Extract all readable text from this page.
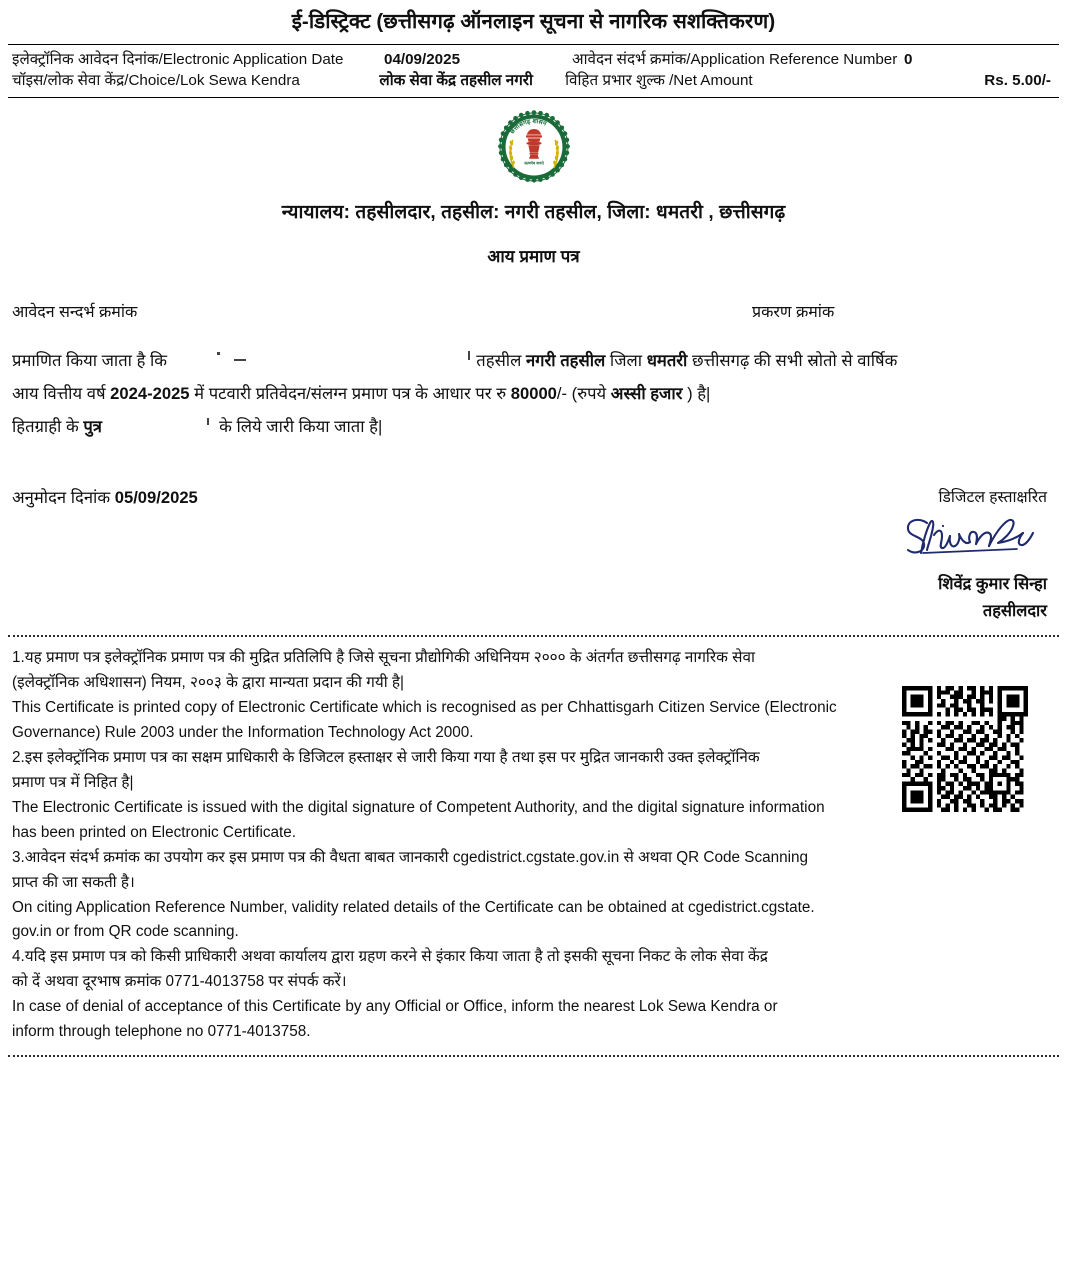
ई-डिस्ट्रिक्ट (छत्तीसगढ़ ऑनलाइन सूचना से नागरिक सशक्तिकरण)
इलेक्ट्रॉनिक आवेदन दिनांक/Electronic Application Date	04/09/2025	आवेदन संदर्भ क्रमांक/Application Reference Number 0
चॉइस/लोक सेवा केंद्र/Choice/Lok Sewa Kendra	लोक सेवा केंद्र तहसील नगरी	विहित प्रभार शुल्क /Net Amount	Rs. 5.00/-
छत्तीसगढ़ शासन
सत्यमेव जयते
न्यायालय: तहसीलदार, तहसील: नगरी तहसील, जिला: धमतरी , छत्तीसगढ़
आय प्रमाण पत्र
आवेदन सन्दर्भ क्रमांक	प्रकरण क्रमांक
प्रमाणित किया जाता है कि	तहसील नगरी तहसील जिला धमतरी छत्तीसगढ़ की सभी स्रोतो से वार्षिक
आय वित्तीय वर्ष 2024-2025 में पटवारी प्रतिवेदन/संलग्न प्रमाण पत्र के आधार पर रु 80000/- (रुपये अस्सी हजार ) है|
हितग्राही के पुत्र	के लिये जारी किया जाता है|
अनुमोदन दिनांक 05/09/2025	डिजिटल हस्ताक्षरित
शिवेंद्र कुमार सिन्हा
तहसीलदार
1.यह प्रमाण पत्र इलेक्ट्रॉनिक प्रमाण पत्र की मुद्रित प्रतिलिपि है जिसे सूचना प्रौद्योगिकी अधिनियम २००० के अंतर्गत छत्तीसगढ़ नागरिक सेवा
(इलेक्ट्रॉनिक अधिशासन) नियम, २००३ के द्वारा मान्यता प्रदान की गयी है|
This Certificate is printed copy of Electronic Certificate which is recognised as per Chhattisgarh Citizen Service (Electronic
Governance) Rule 2003 under the Information Technology Act 2000.
2.इस इलेक्ट्रॉनिक प्रमाण पत्र का सक्षम प्राधिकारी के डिजिटल हस्ताक्षर से जारी किया गया है तथा इस पर मुद्रित जानकारी उक्त इलेक्ट्रॉनिक
प्रमाण पत्र में निहित है|
The Electronic Certificate is issued with the digital signature of Competent Authority, and the digital signature information
has been printed on Electronic Certificate.
3.आवेदन संदर्भ क्रमांक का उपयोग कर इस प्रमाण पत्र की वैधता बाबत जानकारी cgedistrict.cgstate.gov.in से अथवा QR Code Scanning
प्राप्त की जा सकती है।
On citing Application Reference Number, validity related details of the Certificate can be obtained at cgedistrict.cgstate.
gov.in or from QR code scanning.
4.यदि इस प्रमाण पत्र को किसी प्राधिकारी अथवा कार्यालय द्वारा ग्रहण करने से इंकार किया जाता है तो इसकी सूचना निकट के लोक सेवा केंद्र
को दें अथवा दूरभाष क्रमांक 0771-4013758 पर संपर्क करें।
In case of denial of acceptance of this Certificate by any Official or Office, inform the nearest Lok Sewa Kendra or
inform through telephone no 0771-4013758.
